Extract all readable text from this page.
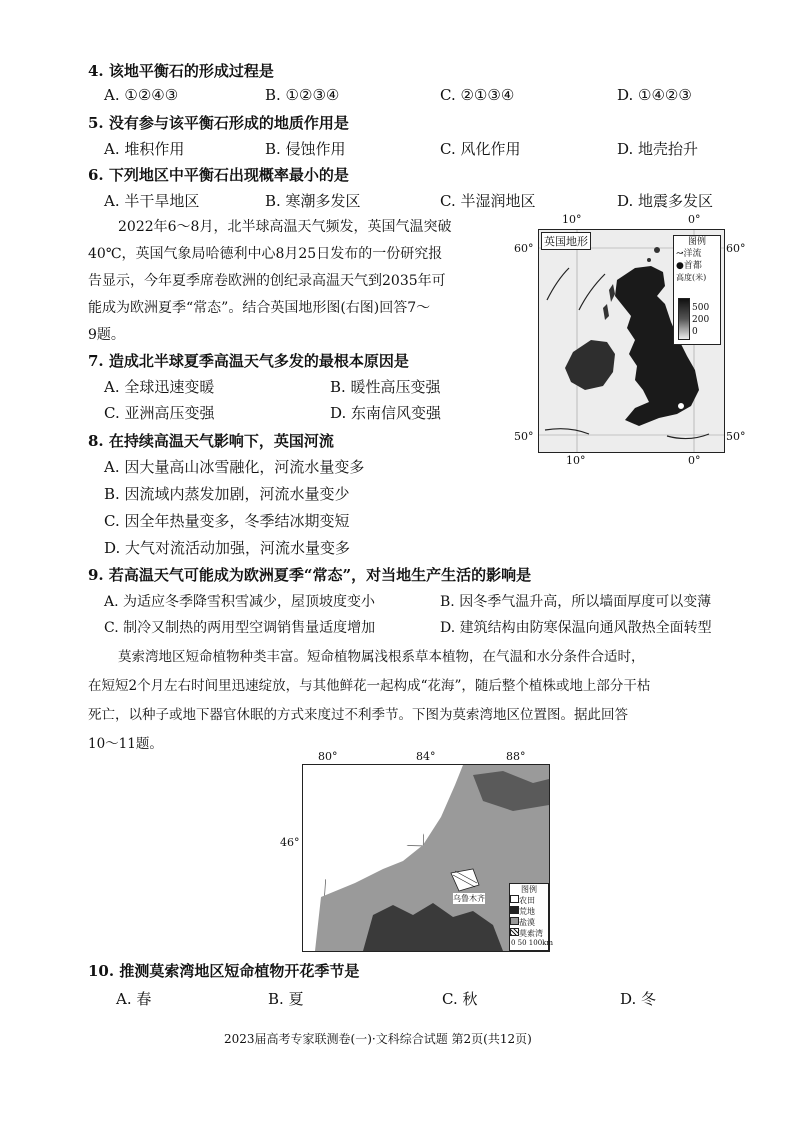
4. 该地平衡石的形成过程是
A. ①②④③	B. ①②③④	C. ②①③④	D. ①④②③
5. 没有参与该平衡石形成的地质作用是
A. 堆积作用	B. 侵蚀作用	C. 风化作用	D. 地壳抬升
6. 下列地区中平衡石出现概率最小的是
A. 半干旱地区	B. 寒潮多发区	C. 半湿润地区	D. 地震多发区
2022年6～8月，北半球高温天气频发，英国气温突破
40℃，英国气象局哈德利中心8月25日发布的一份研究报
告显示，今年夏季席卷欧洲的创纪录高温天气到2035年可
能成为欧洲夏季“常态”。结合英国地形图(右图)回答7～
9题。
10°	0°
60°	60°
50°	50°
10°	0°
英国地形	图例
↝洋流
●首都
高度(米)
500
200
0
7. 造成北半球夏季高温天气多发的最根本原因是
A. 全球迅速变暖	B. 暖性高压变强
C. 亚洲高压变强	D. 东南信风变强
8. 在持续高温天气影响下，英国河流
A. 因大量高山冰雪融化，河流水量变多
B. 因流域内蒸发加剧，河流水量变少
C. 因全年热量变多，冬季结冰期变短
D. 大气对流活动加强，河流水量变多
9. 若高温天气可能成为欧洲夏季“常态”，对当地生产生活的影响是
A. 为适应冬季降雪积雪减少，屋顶坡度变小	B. 因冬季气温升高，所以墙面厚度可以变薄
C. 制冷又制热的两用型空调销售量适度增加	D. 建筑结构由防寒保温向通风散热全面转型
莫索湾地区短命植物种类丰富。短命植物属浅根系草本植物，在气温和水分条件合适时，
在短短2个月左右时间里迅速绽放，与其他鲜花一起构成“花海”，随后整个植株或地上部分干枯
死亡，以种子或地下器官休眠的方式来度过不利季节。下图为莫索湾地区位置图。据此回答
10～11题。
80°	84°	88°
46°
乌鲁木齐
图例
农田
荒地
盐漠
莫索湾
0 50 100km
10. 推测莫索湾地区短命植物开花季节是
A. 春	B. 夏	C. 秋	D. 冬
2023届高考专家联测卷(一)·文科综合试题 第2页(共12页)
